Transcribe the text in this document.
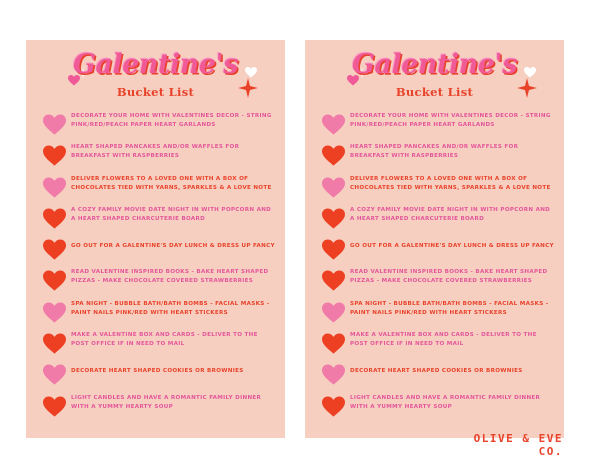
Galentine's
Bucket List
DECORATE YOUR HOME WITH VALENTINES DECOR - STRING PINK/RED/PEACH PAPER HEART GARLANDS
HEART SHAPED PANCAKES AND/OR WAFFLES FOR BREAKFAST WITH RASPBERRIES
DELIVER FLOWERS TO A LOVED ONE WITH A BOX OF CHOCOLATES TIED WITH YARNS, SPARKLES & A LOVE NOTE
A COZY FAMILY MOVIE DATE NIGHT IN WITH POPCORN AND A HEART SHAPED CHARCUTERIE BOARD
GO OUT FOR A GALENTINE'S DAY LUNCH & DRESS UP FANCY
READ VALENTINE INSPIRED BOOKS - BAKE HEART SHAPED PIZZAS - MAKE CHOCOLATE COVERED STRAWBERRIES
SPA NIGHT - BUBBLE BATH/BATH BOMBS - FACIAL MASKS - PAINT NAILS PINK/RED WITH HEART STICKERS
MAKE A VALENTINE BOX AND CARDS - DELIVER TO THE POST OFFICE IF IN NEED TO MAIL
DECORATE HEART SHAPED COOKIES OR BROWNIES
LIGHT CANDLES AND HAVE A ROMANTIC FAMILY DINNER WITH A YUMMY HEARTY SOUP
Galentine's
Bucket List
DECORATE YOUR HOME WITH VALENTINES DECOR - STRING PINK/RED/PEACH PAPER HEART GARLANDS
HEART SHAPED PANCAKES AND/OR WAFFLES FOR BREAKFAST WITH RASPBERRIES
DELIVER FLOWERS TO A LOVED ONE WITH A BOX OF CHOCOLATES TIED WITH YARNS, SPARKLES & A LOVE NOTE
A COZY FAMILY MOVIE DATE NIGHT IN WITH POPCORN AND A HEART SHAPED CHARCUTERIE BOARD
GO OUT FOR A GALENTINE'S DAY LUNCH & DRESS UP FANCY
READ VALENTINE INSPIRED BOOKS - BAKE HEART SHAPED PIZZAS - MAKE CHOCOLATE COVERED STRAWBERRIES
SPA NIGHT - BUBBLE BATH/BATH BOMBS - FACIAL MASKS - PAINT NAILS PINK/RED WITH HEART STICKERS
MAKE A VALENTINE BOX AND CARDS - DELIVER TO THE POST OFFICE IF IN NEED TO MAIL
DECORATE HEART SHAPED COOKIES OR BROWNIES
LIGHT CANDLES AND HAVE A ROMANTIC FAMILY DINNER WITH A YUMMY HEARTY SOUP
OLIVE & EVE CO.
